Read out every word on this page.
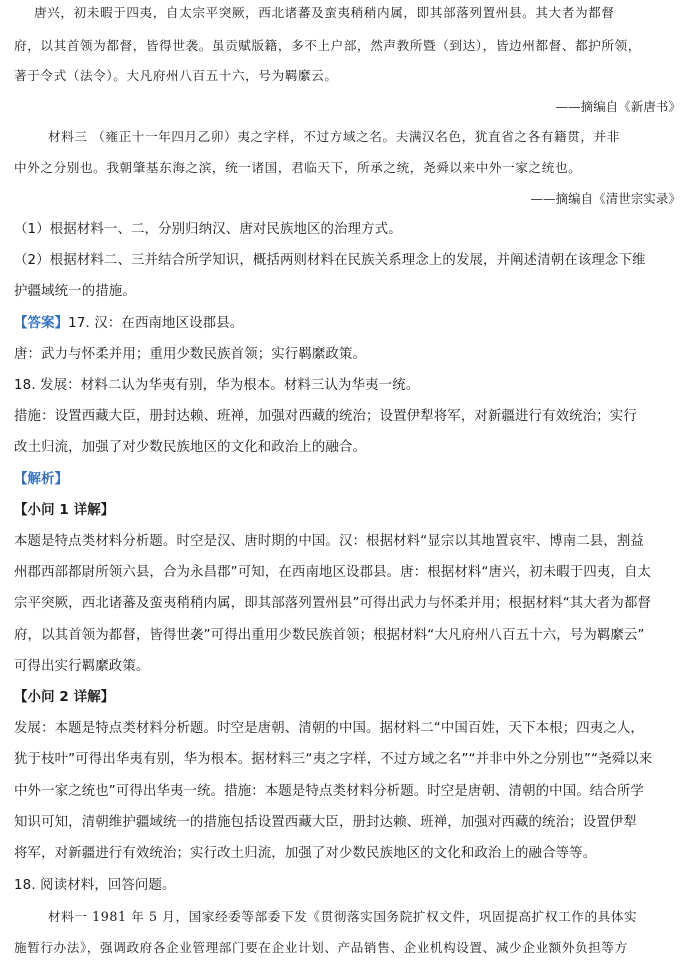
唐兴，初未暇于四夷，自太宗平突厥，西北诸蕃及蛮夷稍稍内属，即其部落列置州县。其大者为都督
府，以其首领为都督，皆得世袭。虽贡赋版籍，多不上户部，然声教所暨（到达），皆边州都督、都护所领，
著于令式（法令）。大凡府州八百五十六，号为羁縻云。
——摘编自《新唐书》
材料三 （雍正十一年四月乙卯）夷之字样，不过方域之名。夫满汉名色，犹直省之各有籍贯，并非
中外之分别也。我朝肇基东海之滨，统一诸国，君临天下，所承之统，尧舜以来中外一家之统也。
——摘编自《清世宗实录》
（1）根据材料一、二，分别归纳汉、唐对民族地区的治理方式。
（2）根据材料二、三并结合所学知识，概括两则材料在民族关系理念上的发展，并阐述清朝在该理念下维
护疆域统一的措施。
【答案】17. 汉：在西南地区设郡县。
唐：武力与怀柔并用；重用少数民族首领；实行羁縻政策。
18. 发展：材料二认为华夷有别，华为根本。材料三认为华夷一统。
措施：设置西藏大臣，册封达赖、班禅，加强对西藏的统治；设置伊犁将军，对新疆进行有效统治；实行
改土归流，加强了对少数民族地区的文化和政治上的融合。
【解析】
【小问 1 详解】
本题是特点类材料分析题。时空是汉、唐时期的中国。汉：根据材料“显宗以其地置哀牢、博南二县，割益
州郡西部都尉所领六县，合为永昌郡”可知，在西南地区设郡县。唐：根据材料“唐兴，初未暇于四夷，自太
宗平突厥，西北诸蕃及蛮夷稍稍内属，即其部落列置州县”可得出武力与怀柔并用；根据材料“其大者为都督
府，以其首领为都督，皆得世袭”可得出重用少数民族首领；根据材料“大凡府州八百五十六，号为羁縻云”
可得出实行羁縻政策。
【小问 2 详解】
发展：本题是特点类材料分析题。时空是唐朝、清朝的中国。据材料二“中国百姓，天下本根；四夷之人，
犹于枝叶”可得出华夷有别，华为根本。据材料三“夷之字样，不过方域之名”“并非中外之分别也”“尧舜以来
中外一家之统也”可得出华夷一统。措施：本题是特点类材料分析题。时空是唐朝、清朝的中国。结合所学
知识可知，清朝维护疆域统一的措施包括设置西藏大臣，册封达赖、班禅，加强对西藏的统治；设置伊犁
将军，对新疆进行有效统治；实行改土归流，加强了对少数民族地区的文化和政治上的融合等等。
18. 阅读材料，回答问题。
材料一 1981 年 5 月，国家经委等部委下发《贯彻落实国务院扩权文件，巩固提高扩权工作的具体实
施暂行办法》，强调政府各企业管理部门要在企业计划、产品销售、企业机构设置、减少企业额外负担等方
